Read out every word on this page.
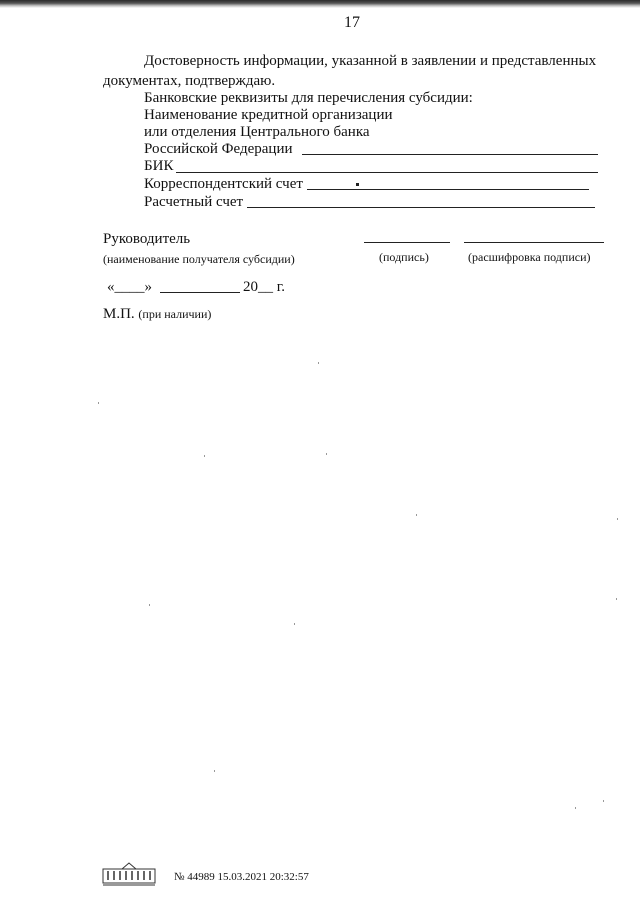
17
Достоверность информации, указанной в заявлении и представленных
документах, подтверждаю.
Банковские реквизиты для перечисления субсидии:
Наименование кредитной организации
или отделения Центрального банка
Российской Федерации
БИК
Корреспондентский счет
Расчетный счет
Руководитель
(наименование получателя субсидии)	(подпись)	(расшифровка подписи)
«____»	20__ г.
М.П. (при наличии)
№ 44989 15.03.2021 20:32:57
